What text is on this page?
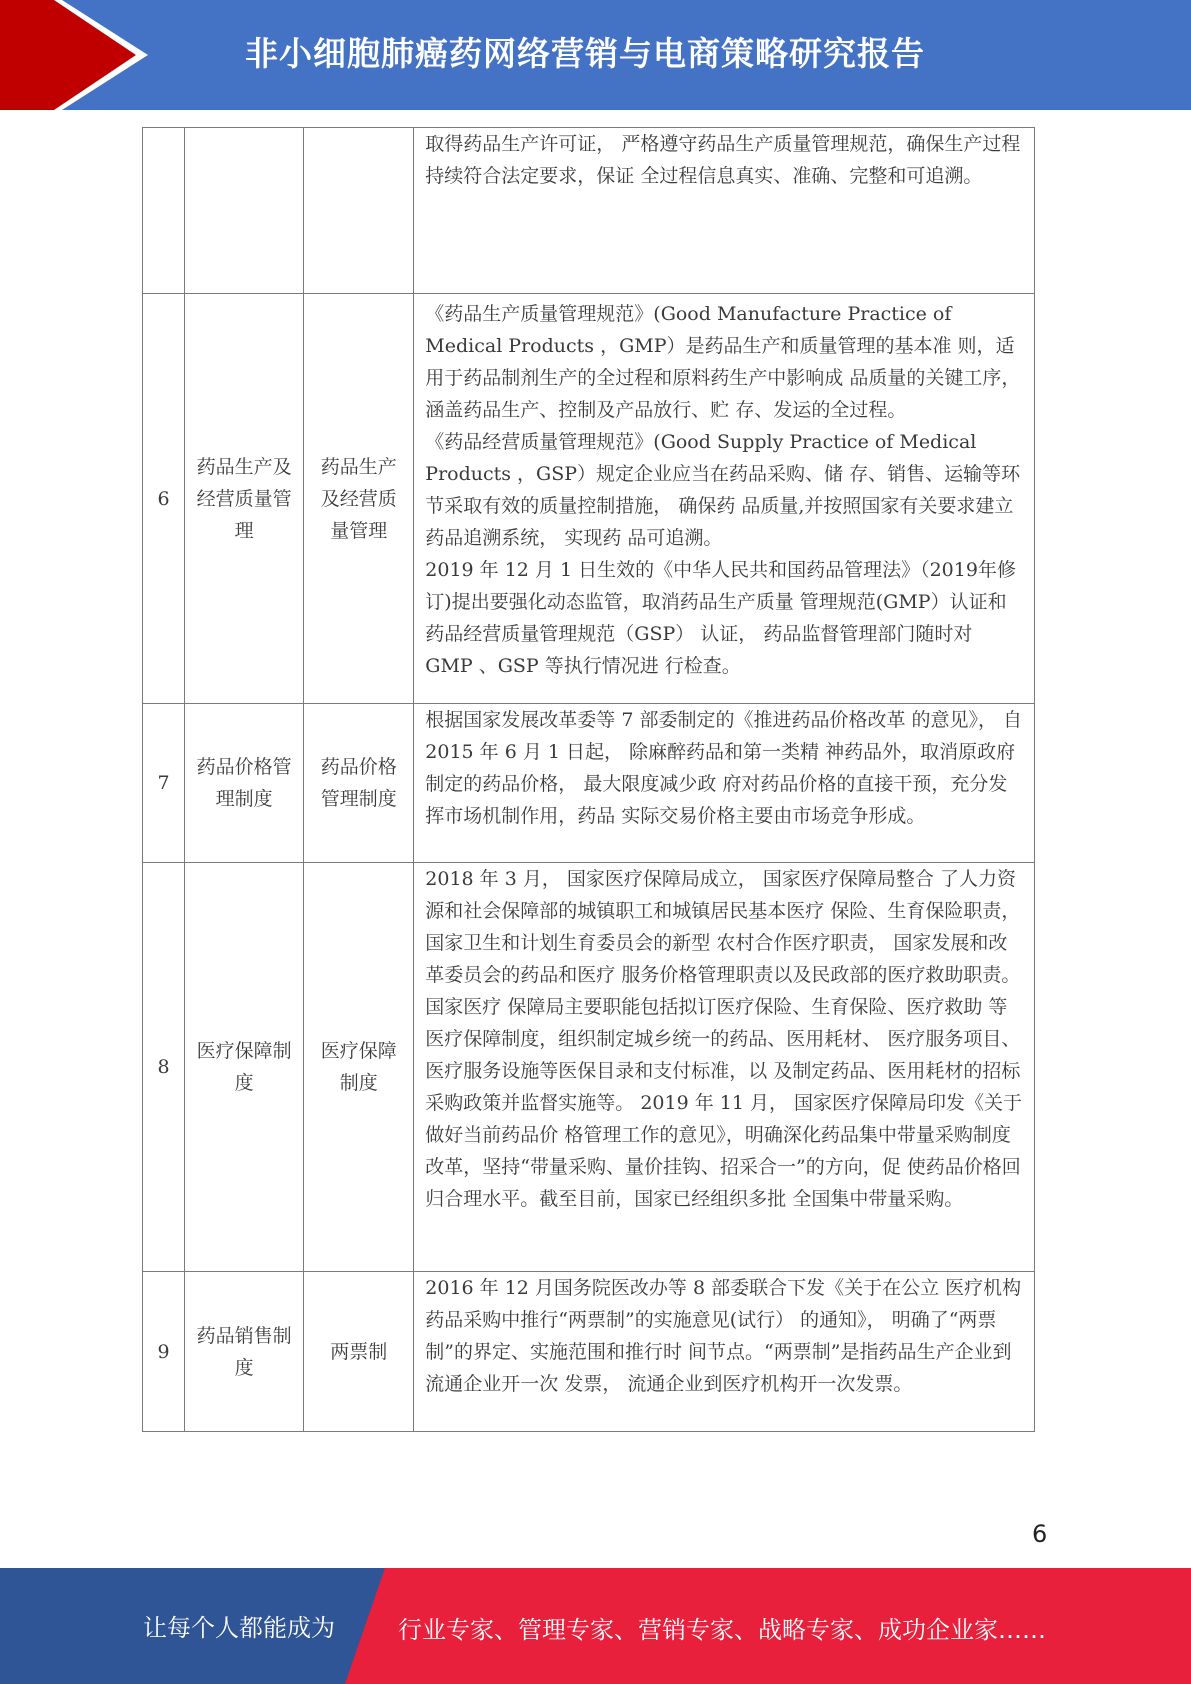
非小细胞肺癌药网络营销与电商策略研究报告

			取得药品生产许可证， 严格遵守药品生产质量管理规范，确保生产过程持续符合法定要求，保证 全过程信息真实、准确、完整和可追溯。

6	药品生产及经营质量管理	药品生产及经营质量管理	《药品生产质量管理规范》(Good Manufacture Practice of Medical Products ，GMP）是药品生产和质量管理的基本准 则，适用于药品制剂生产的全过程和原料药生产中影响成 品质量的关键工序， 涵盖药品生产、控制及产品放行、贮 存、发运的全过程。
《药品经营质量管理规范》(Good Supply Practice of Medical Products ，GSP）规定企业应当在药品采购、储 存、销售、运输等环节采取有效的质量控制措施， 确保药 品质量,并按照国家有关要求建立药品追溯系统， 实现药 品可追溯。
2019 年 12 月 1 日生效的《中华人民共和国药品管理法》（2019年修订)提出要强化动态监管，取消药品生产质量 管理规范(GMP）认证和药品经营质量管理规范（GSP） 认证， 药品监督管理部门随时对 GMP 、GSP 等执行情况进 行检查。

7	药品价格管理制度	药品价格管理制度	根据国家发展改革委等 7 部委制定的《推进药品价格改革 的意见》， 自 2015 年 6 月 1 日起， 除麻醉药品和第一类精 神药品外，取消原政府制定的药品价格， 最大限度减少政 府对药品价格的直接干预，充分发挥市场机制作用，药品 实际交易价格主要由市场竞争形成。

8	医疗保障制度	医疗保障制度	2018 年 3 月， 国家医疗保障局成立， 国家医疗保障局整合 了人力资源和社会保障部的城镇职工和城镇居民基本医疗 保险、生育保险职责，国家卫生和计划生育委员会的新型 农村合作医疗职责， 国家发展和改革委员会的药品和医疗 服务价格管理职责以及民政部的医疗救助职责。国家医疗 保障局主要职能包括拟订医疗保险、生育保险、医疗救助 等医疗保障制度，组织制定城乡统一的药品、医用耗材、 医疗服务项目、医疗服务设施等医保目录和支付标准，以 及制定药品、医用耗材的招标采购政策并监督实施等。 2019 年 11 月， 国家医疗保障局印发《关于做好当前药品价 格管理工作的意见》，明确深化药品集中带量采购制度改革，坚持“带量采购、量价挂钩、招采合一”的方向，促 使药品价格回归合理水平。截至目前，国家已经组织多批 全国集中带量采购。

9	药品销售制度	两票制	2016 年 12 月国务院医改办等 8 部委联合下发《关于在公立 医疗机构药品采购中推行“两票制”的实施意见(试行） 的通知》， 明确了“两票制”的界定、实施范围和推行时 间节点。“两票制”是指药品生产企业到流通企业开一次 发票， 流通企业到医疗机构开一次发票。
6
让每个人都能成为	行业专家、管理专家、营销专家、战略专家、成功企业家……
